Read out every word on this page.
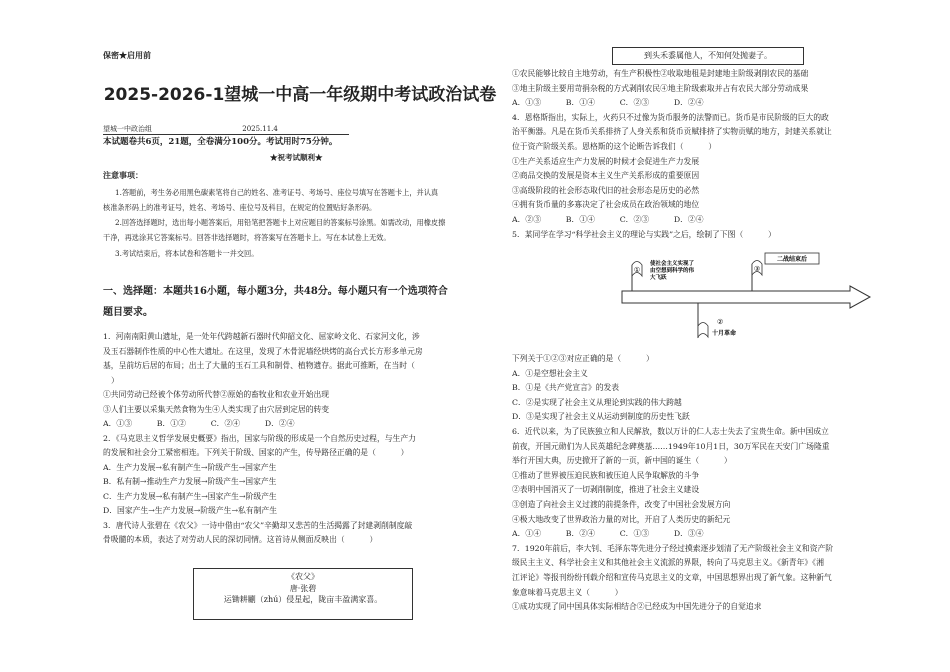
保密★启用前
2025-2026-1望城一中高一年级期中考试政治试卷
望城一中政治组	2025.11.4
本试题卷共6页，21题，全卷满分100分。考试用时75分钟。
★祝考试顺利★
注意事项：
1.答题前，考生务必用黑色碳素笔将自己的姓名、准考证号、考场号、座位号填写在答题卡上，并认真
核准条形码上的准考证号，姓名、考场号、座位号及科目，在规定的位置贴好条形码。
2.回答选择题时，选出每小题答案后，用铅笔把答题卡上对应题目的答案标号涂黑。如需改动，用橡皮擦
干净，再选涂其它答案标号。回答非选择题时，将答案写在答题卡上。写在本试卷上无效。
3.考试结束后，将本试卷和答题卡一并交回。
一、选择题：本题共16小题，每小题3分，共48分。每小题只有一个选项符合
题目要求。
1．河南南阳黄山遗址，是一处年代跨越新石器时代仰韶文化、屈家岭文化、石家河文化，涉
及玉石器制作性质的中心性大遗址。在这里，发现了木骨泥墙经烘烤的高台式长方形多单元房
基，呈前坊后居的布局；出土了大量的玉石工具和制骨、植物遗存。据此可推断，在当时（
）
①共同劳动已经被个体劳动所代替②原始的畜牧业和农业开始出现
③人们主要以采集天然食物为生④人类实现了由穴居到定居的转变
A．①③          B．①②          C．②④          D．②④
2．《马克思主义哲学发展史概要》指出，国家与阶级的形成是一个自然历史过程，与生产力
的发展和社会分工紧密相连。下列关于阶级、国家的产生，传导路径正确的是（          ）
A．生产力发展→私有制产生→阶级产生→国家产生
B．私有制→推动生产力发展→阶级产生→国家产生
C．生产力发展→私有制产生→国家产生→阶级产生
D．国家产生→生产力发展→阶级产生→私有制产生
3．唐代诗人张碧在《农父》一诗中借由“农父”辛勤却又悲苦的生活揭露了封建剥削制度敲
骨吸髓的本质，表达了对劳动人民的深切同情。这首诗从侧面反映出（          ）
《农父》
唐·张碧
运锄耕劚（zhú）侵星起，陇亩丰盈满家喜。
到头禾黍属他人，不知何处抛妻子。
①农民能够比较自主地劳动，有生产积极性②收取地租是封建地主阶级剥削农民的基础
③地主阶级主要用苛捐杂税的方式剥削农民④地主阶级索取并占有农民大部分劳动成果
A．①③          B．①④          C．②③          D．②④
4．恩格斯指出，实际上，火药只不过像为货币服务的法警而已。货币是市民阶级的巨大的政
治平衡器。凡是在货币关系排挤了人身关系和货币贡赋排挤了实物贡赋的地方，封建关系就让
位于资产阶级关系。恩格斯的这个论断告诉我们（          ）
①生产关系适应生产力发展的时候才会促进生产力发展
②商品交换的发展是资本主义生产关系形成的重要原因
③高级阶段的社会形态取代旧的社会形态是历史的必然
④拥有货币量的多寡决定了社会成员在政治领域的地位
A．②③          B．①④          C．②③          D．②④
5．某同学在学习“科学社会主义的理论与实践”之后，绘制了下图（          ）
①
使社会主义实现了 由空想到科学的伟 大飞跃
③
二战结束后
②
十月革命
下列关于①②③对应正确的是（          ）
A．①是空想社会主义
B．①是《共产党宣言》的发表
C．②是实现了社会主义从理论到实践的伟大跨越
D．③是实现了社会主义从运动到制度的历史性飞跃
6．近代以来，为了民族独立和人民解放，数以万计的仁人志士失去了宝贵生命。新中国成立
前夜，开国元勋们为人民英雄纪念碑奠基……1949年10月1日，30万军民在天安门广场隆重
举行开国大典，历史掀开了新的一页，新中国的诞生（          ）
①推动了世界被压迫民族和被压迫人民争取解放的斗争
②表明中国消灭了一切剥削制度，推进了社会主义建设
③创造了向社会主义过渡的前提条件，改变了中国社会发展方向
④极大地改变了世界政治力量的对比，开启了人类历史的新纪元
A．①④          B．②④          C．①③          D．③④
7．1920年前后，李大钊、毛泽东等先进分子经过摸索逐步划清了无产阶级社会主义和资产阶
级民主主义、科学社会主义和其他社会主义流派的界限，转向了马克思主义。《新青年》《湘
江评论》等报刊纷纷刊载介绍和宣传马克思主义的文章，中国思想界出现了新气象。这种新气
象意味着马克思主义（          ）
①成功实现了同中国具体实际相结合②已经成为中国先进分子的自觉追求
